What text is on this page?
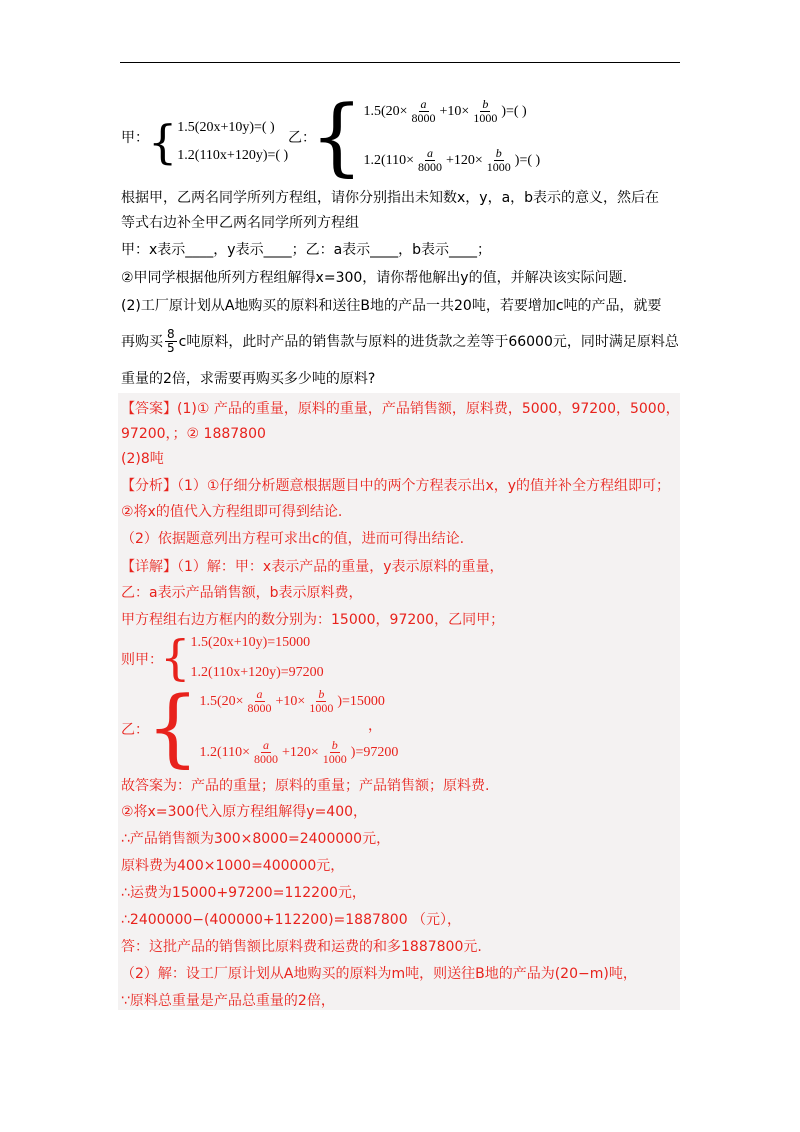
甲： { 1.5(20x+10y)=( )
1.2(110x+120y)=( )
乙：
{ $1.5(20\times \frac{a}{8000} +10\times \frac{b}{1000}$ )=( )
$1.2(110\times \frac{a}{8000} +120\times \frac{b}{1000}$ )=( )
根据甲，乙两名同学所列方程组，请你分别指出未知数x，y，a，b表示的意义，然后在
等式右边补全甲乙两名同学所列方程组
甲：x表示____，y表示____；乙：a表示____，b表示____；
②甲同学根据他所列方程组解得x=300，请你帮他解出y的值，并解决该实际问题.
(2)工厂原计划从A地购买的原料和送往B地的产品一共20吨，若要增加c吨的产品，就要
再购买 $\frac{8}{5}$ c吨原料，此时产品的销售款与原料的进货款之差等于66000元，同时满足原料总
重量的2倍，求需要再购买多少吨的原料?
【答案】(1)① 产品的重量，原料的重量，产品销售额，原料费，5000，97200，5000，
97200，；② 1887800
(2)8吨
【分析】（1）①仔细分析题意根据题目中的两个方程表示出x，y的值并补全方程组即可；
②将x的值代入方程组即可得到结论.
（2）依据题意列出方程可求出c的值，进而可得出结论.
【详解】（1）解：甲：x表示产品的重量，y表示原料的重量，
乙：a表示产品销售额，b表示原料费，
甲方程组右边方框内的数分别为：15000，97200，乙同甲；
则甲：
{ 1.5(20x+10y)=15000
1.2(110x+120y)=97200
乙：
{ $1.5(20\times \frac{a}{8000} +10\times \frac{b}{1000} )=15000$
$1.2(110\times \frac{a}{8000} +120\times \frac{b}{1000} )=97200$
，
故答案为：产品的重量；原料的重量；产品销售额；原料费.
②将x=300代入原方程组解得y=400，
∴产品销售额为300×8000=2400000元，
原料费为400×1000=400000元，
∴运费为15000+97200=112200元，
∴2400000−(400000+112200)=1887800 （元），
答：这批产品的销售额比原料费和运费的和多1887800元.
（2）解：设工厂原计划从A地购买的原料为m吨，则送往B地的产品为(20−m)吨，
∵原料总重量是产品总重量的2倍，
